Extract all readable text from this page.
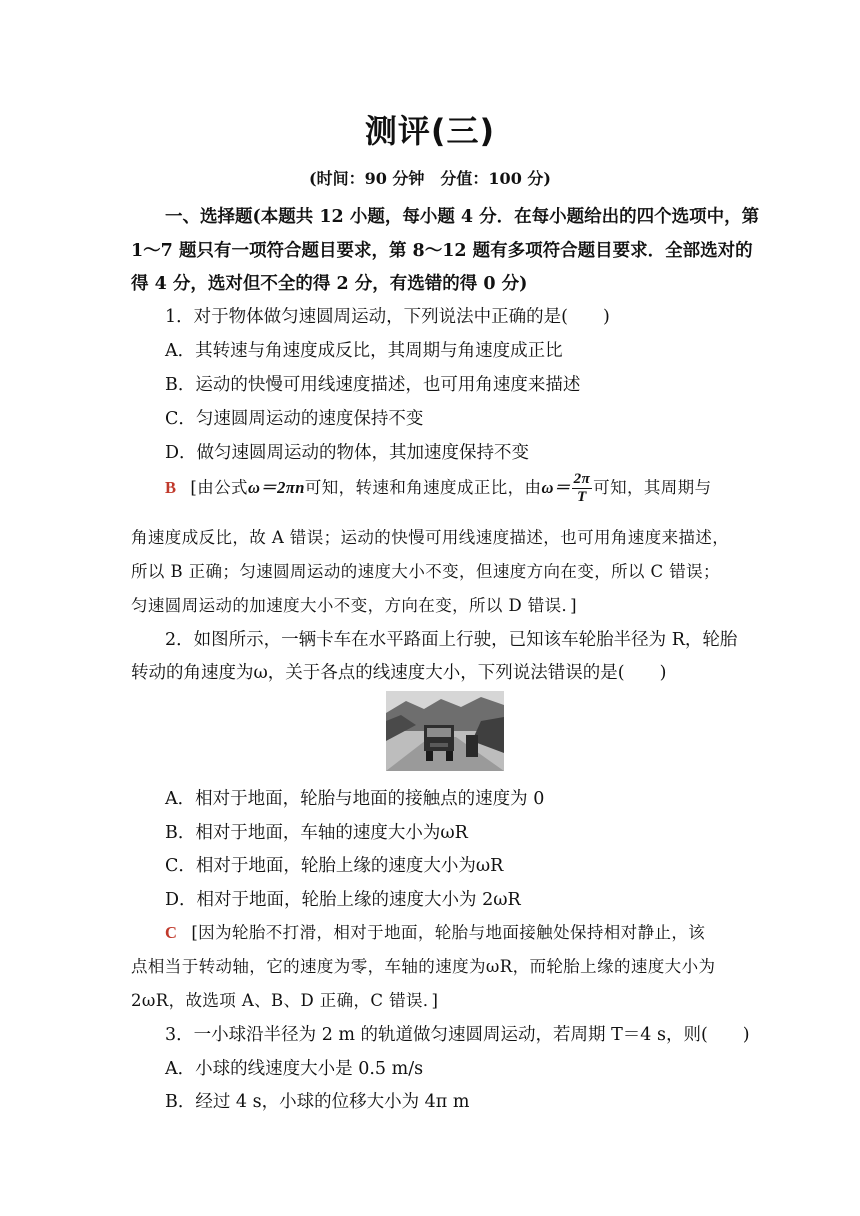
测评(三)
(时间：90 分钟　分值：100 分)
一、选择题(本题共 12 小题，每小题 4 分．在每小题给出的四个选项中，第
1～7 题只有一项符合题目要求，第 8～12 题有多项符合题目要求．全部选对的
得 4 分，选对但不全的得 2 分，有选错的得 0 分)
1．对于物体做匀速圆周运动，下列说法中正确的是(　　)
A．其转速与角速度成反比，其周期与角速度成正比
B．运动的快慢可用线速度描述，也可用角速度来描述
C．匀速圆周运动的速度保持不变
D．做匀速圆周运动的物体，其加速度保持不变
B [由公式ω＝2πn可知，转速和角速度成正比，由$\omega= \frac{2\pi}{T}$ 可知，其周期与
角速度成反比，故 A 错误；运动的快慢可用线速度描述，也可用角速度来描述，
所以 B 正确；匀速圆周运动的速度大小不变，但速度方向在变，所以 C 错误；
匀速圆周运动的加速度大小不变，方向在变，所以 D 错误．]
2．如图所示，一辆卡车在水平路面上行驶，已知该车轮胎半径为 R，轮胎
转动的角速度为ω，关于各点的线速度大小，下列说法错误的是(　　)
A．相对于地面，轮胎与地面的接触点的速度为 0
B．相对于地面，车轴的速度大小为ωR
C．相对于地面，轮胎上缘的速度大小为ωR
D．相对于地面，轮胎上缘的速度大小为 2ωR
C [因为轮胎不打滑，相对于地面，轮胎与地面接触处保持相对静止，该
点相当于转动轴，它的速度为零，车轴的速度为ωR，而轮胎上缘的速度大小为
2ωR，故选项 A、B、D 正确，C 错误．]
3．一小球沿半径为 2 m 的轨道做匀速圆周运动，若周期 T＝4 s，则(　　)
A．小球的线速度大小是 0.5 m/s
B．经过 4 s，小球的位移大小为 4π m
